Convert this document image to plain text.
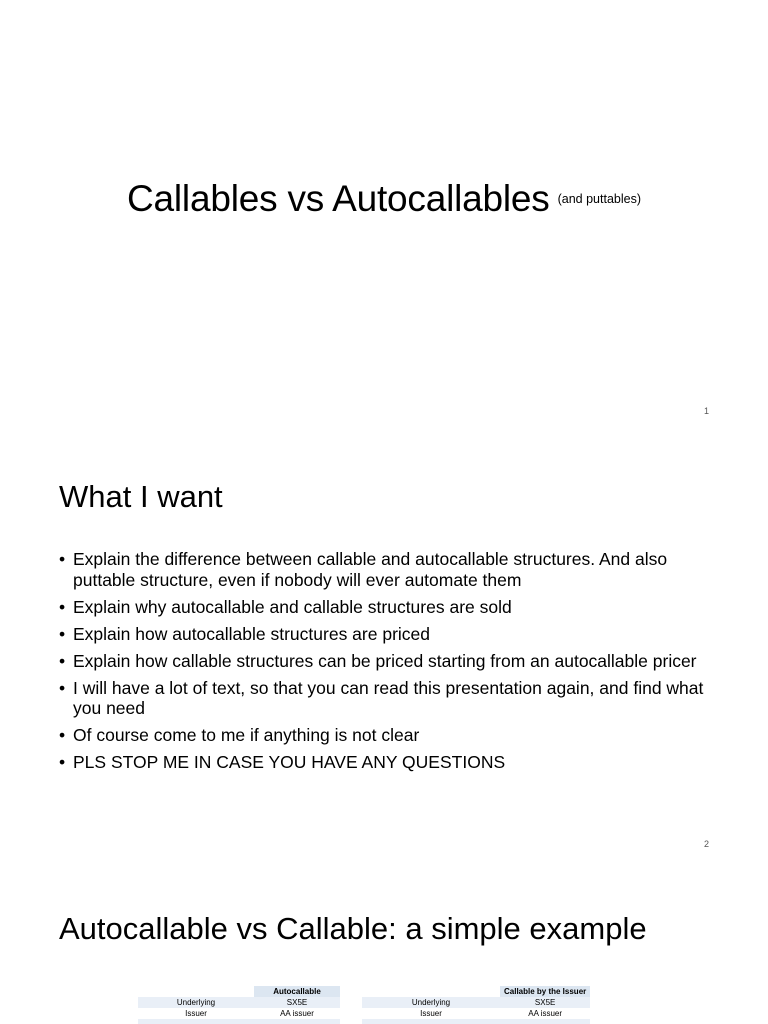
Callables vs Autocallables $^{(and puttables)}$
1
What I want
• Explain the difference between callable and autocallable structures. And also puttable structure, even if nobody will ever automate them
• Explain why autocallable and callable structures are sold
• Explain how autocallable structures are priced
• Explain how callable structures can be priced starting from an autocallable pricer
• I will have a lot of text, so that you can read this presentation again, and find what you need
• Of course come to me if anything is not clear
• PLS STOP ME IN CASE YOU HAVE ANY QUESTIONS
2
Autocallable vs Callable: a simple example
	Autocallable
Underlying	SX5E
Issuer	AA issuer

	Callable by the Issuer
Underlying	SX5E
Issuer	AA issuer
